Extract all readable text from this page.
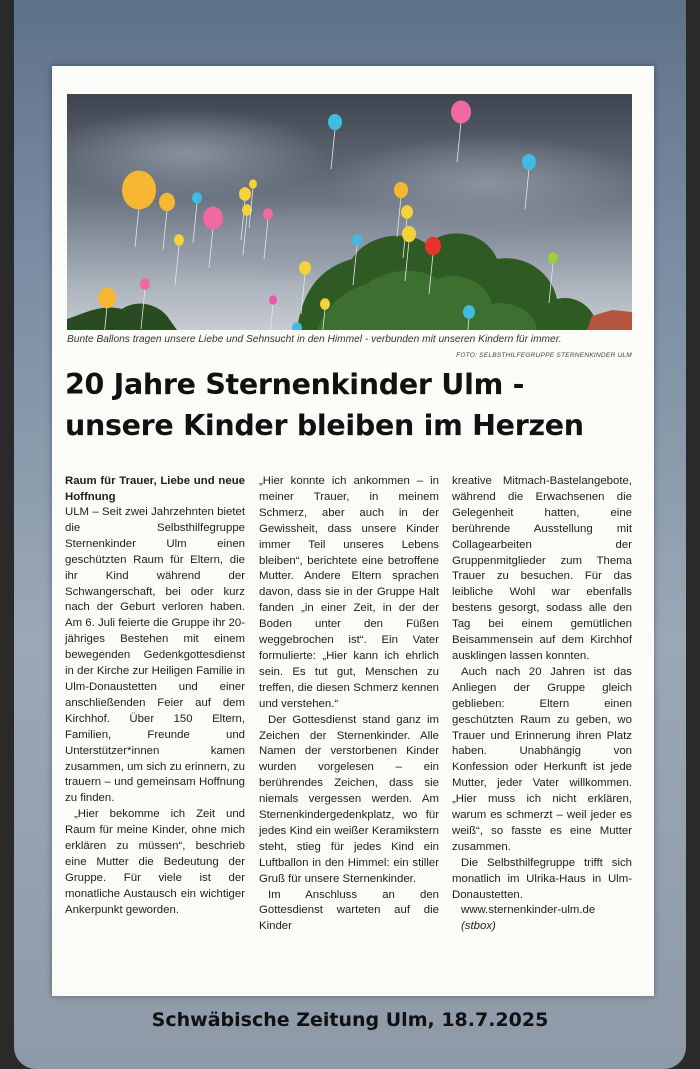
Bunte Ballons tragen unsere Liebe und Sehnsucht in den Himmel - verbunden mit unseren Kindern für immer.
FOTO: SELBSTHILFEGRUPPE STERNENKINDER ULM
20 Jahre Sternenkinder Ulm -
unsere Kinder bleiben im Herzen

Raum für Trauer, Liebe und neue Hoffnung

ULM – Seit zwei Jahrzehnten bietet die Selbsthilfegruppe Sternenkinder Ulm einen geschützten Raum für Eltern, die ihr Kind während der Schwangerschaft, bei oder kurz nach der Geburt verloren haben. Am 6. Juli feierte die Gruppe ihr 20-jähriges Bestehen mit einem bewegenden Gedenkgottesdienst in der Kirche zur Heiligen Familie in Ulm-Donaustetten und einer anschließenden Feier auf dem Kirchhof. Über 150 Eltern, Familien, Freunde und Unterstützer*innen kamen zusammen, um sich zu erinnern, zu trauern – und gemeinsam Hoffnung zu finden.

„Hier bekomme ich Zeit und Raum für meine Kinder, ohne mich erklären zu müssen“, beschrieb eine Mutter die Bedeutung der Gruppe. Für viele ist der monatliche Austausch ein wichtiger Ankerpunkt geworden.

„Hier konnte ich ankommen – in meiner Trauer, in meinem Schmerz, aber auch in der Gewissheit, dass unsere Kinder immer Teil unseres Lebens bleiben“, berichtete eine betroffene Mutter. Andere Eltern sprachen davon, dass sie in der Gruppe Halt fanden „in einer Zeit, in der der Boden unter den Füßen weggebrochen ist“. Ein Vater formulierte: „Hier kann ich ehrlich sein. Es tut gut, Menschen zu treffen, die diesen Schmerz kennen und verstehen.“

Der Gottesdienst stand ganz im Zeichen der Sternenkinder. Alle Namen der verstorbenen Kinder wurden vorgelesen – ein berührendes Zeichen, dass sie niemals vergessen werden. Am Sternenkindergedenkplatz, wo für jedes Kind ein weißer Keramikstern steht, stieg für jedes Kind ein Luftballon in den Himmel: ein stiller Gruß für unsere Sternenkinder.

Im Anschluss an den Gottesdienst warteten auf die Kinder

kreative Mitmach-Bastelangebote, während die Erwachsenen die Gelegenheit hatten, eine berührende Ausstellung mit Collagearbeiten der Gruppenmitglieder zum Thema Trauer zu besuchen. Für das leibliche Wohl war ebenfalls bestens gesorgt, sodass alle den Tag bei einem gemütlichen Beisammensein auf dem Kirchhof ausklingen lassen konnten.

Auch nach 20 Jahren ist das Anliegen der Gruppe gleich geblieben: Eltern einen geschützten Raum zu geben, wo Trauer und Erinnerung ihren Platz haben. Unabhängig von Konfession oder Herkunft ist jede Mutter, jeder Vater willkommen. „Hier muss ich nicht erklären, warum es schmerzt – weil jeder es weiß“, so fasste es eine Mutter zusammen.

Die Selbsthilfegruppe trifft sich monatlich im Ulrika-Haus in Ulm-Donaustetten.

www.sternenkinder-ulm.de

(stbox)

Schwäbische Zeitung Ulm, 18.7.2025
